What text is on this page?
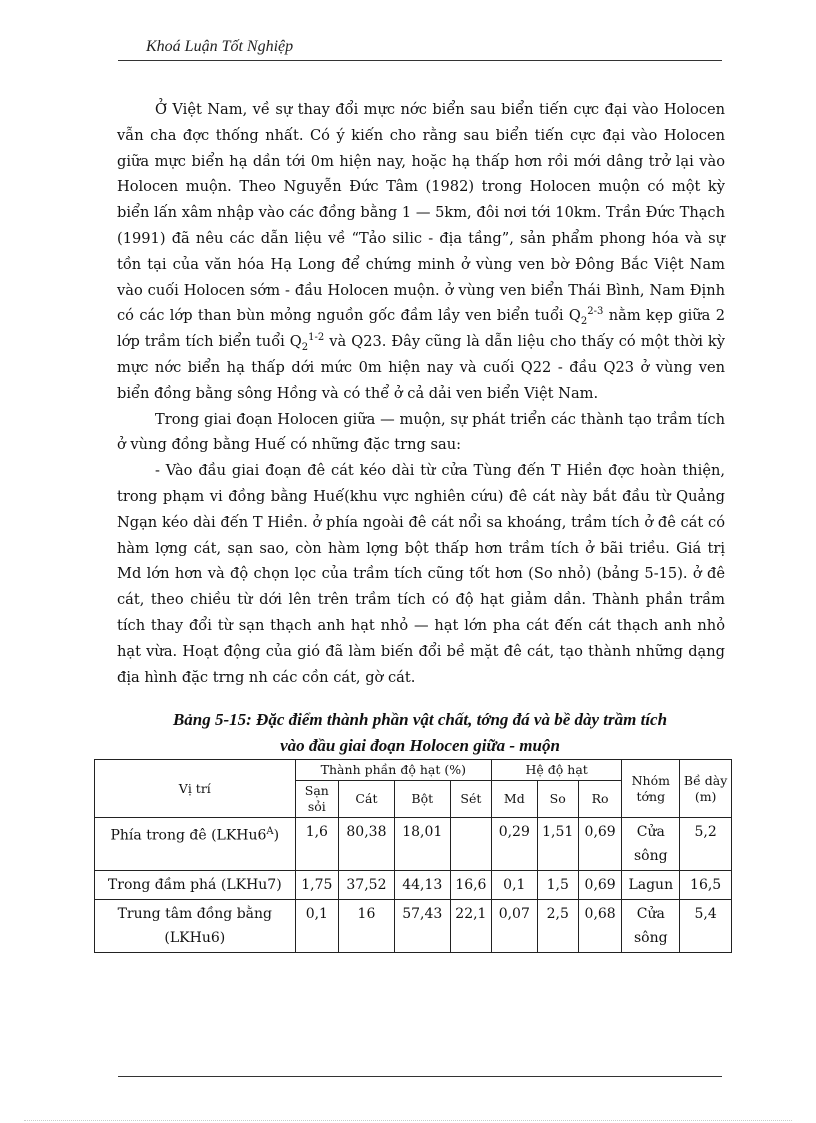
Khoá Luận Tốt Nghiệp

Ở Việt Nam, về sự thay đổi mực nớc biển sau biển tiến cực đại vào Holocen vẫn cha đợc thống nhất. Có ý kiến cho rằng sau biển tiến cực đại vào Holocen giữa mực biển hạ dần tới 0m hiện nay, hoặc hạ thấp hơn rồi mới dâng trở lại vào Holocen muộn. Theo Nguyễn Đức Tâm (1982) trong Holocen muộn có một kỳ biển lấn xâm nhập vào các đồng bằng 1 — 5km, đôi nơi tới 10km. Trần Đức Thạch (1991) đã nêu các dẫn liệu về “Tảo silic - địa tầng”, sản phẩm phong hóa và sự tồn tại của văn hóa Hạ Long để chứng minh ở vùng ven bờ Đông Bắc Việt Nam vào cuối Holocen sớm - đầu Holocen muộn. ở vùng ven biển Thái Bình, Nam Định có các lớp than bùn mỏng nguồn gốc đầm lầy ven biển tuổi $Q_2^{2-3}$ nằm kẹp giữa 2 lớp trầm tích biển tuổi $Q_2^{1-2}$ và Q23. Đây cũng là dẫn liệu cho thấy có một thời kỳ mực nớc biển hạ thấp dới mức 0m hiện nay và cuối Q22 - đầu Q23 ở vùng ven biển đồng bằng sông Hồng và có thể ở cả dải ven biển Việt Nam.

Trong giai đoạn Holocen giữa — muộn, sự phát triển các thành tạo trầm tích ở vùng đồng bằng Huế có những đặc trng sau:

- Vào đầu giai đoạn đê cát kéo dài từ cửa Tùng đến T Hiền đợc hoàn thiện, trong phạm vi đồng bằng Huế(khu vực nghiên cứu) đê cát này bắt đầu từ Quảng Ngạn kéo dài đến T Hiền. ở phía ngoài đê cát nổi sa khoáng, trầm tích ở đê cát có hàm lợng cát, sạn sao, còn hàm lợng bột thấp hơn trầm tích ở bãi triều. Giá trị Md lớn hơn và độ chọn lọc của trầm tích cũng tốt hơn (So nhỏ) (bảng 5-15). ở đê cát, theo chiều từ dới lên trên trầm tích có độ hạt giảm dần. Thành phần trầm tích thay đổi từ sạn thạch anh hạt nhỏ — hạt lớn pha cát đến cát thạch anh nhỏ hạt vừa. Hoạt động của gió đã làm biến đổi bề mặt đê cát, tạo thành những dạng địa hình đặc trng nh các cồn cát, gờ cát.

Bảng 5-15: Đặc điểm thành phần vật chất, tớng đá và bề dày trầm tích
vào đầu giai đoạn Holocen giữa - muộn
Vị trí	Thành phần độ hạt (%)				Hệ độ hạt			Nhóm tớng	Bề dày (m)
	Sạn sỏi	Cát	Bột	Sét	Md	So	Ro		
Phía trong đê $(LKHu6^A)$	1,6	80,38	18,01		0,29	1,51	0,69	Cửa sông	5,2
Trong đầm phá (LKHu7)	1,75	37,52	44,13	16,6	0,1	1,5	0,69	Lagun	16,5
Trung tâm đồng bằng (LKHu6)	0,1	16	57,43	22,1	0,07	2,5	0,68	Cửa sông	5,4
